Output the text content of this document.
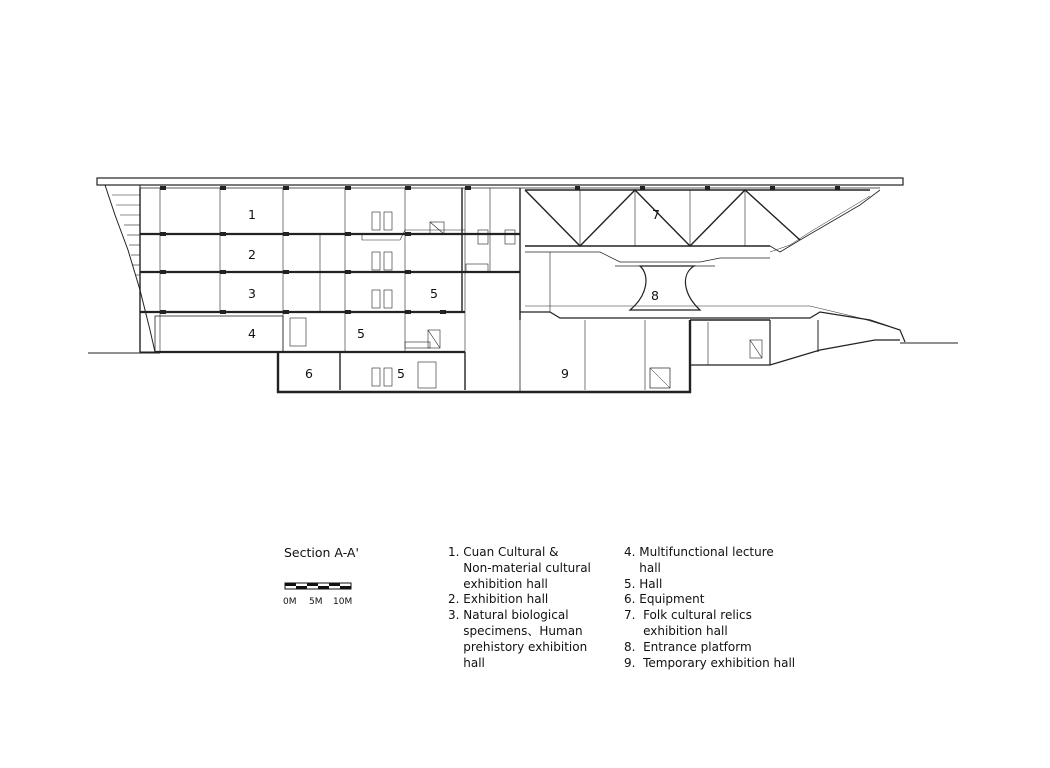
1
2
3
4
5
5
5
6
7
8
9
Section A-A'
0M 5M 10M
1. Cuan Cultural &
Non-material cultural
exhibition hall
2. Exhibition hall
3. Natural biological
specimens、Human
prehistory exhibition
hall
4. Multifunctional lecture
hall
5. Hall
6. Equipment
7. Folk cultural relics
exhibition hall
8. Entrance platform
9. Temporary exhibition hall
